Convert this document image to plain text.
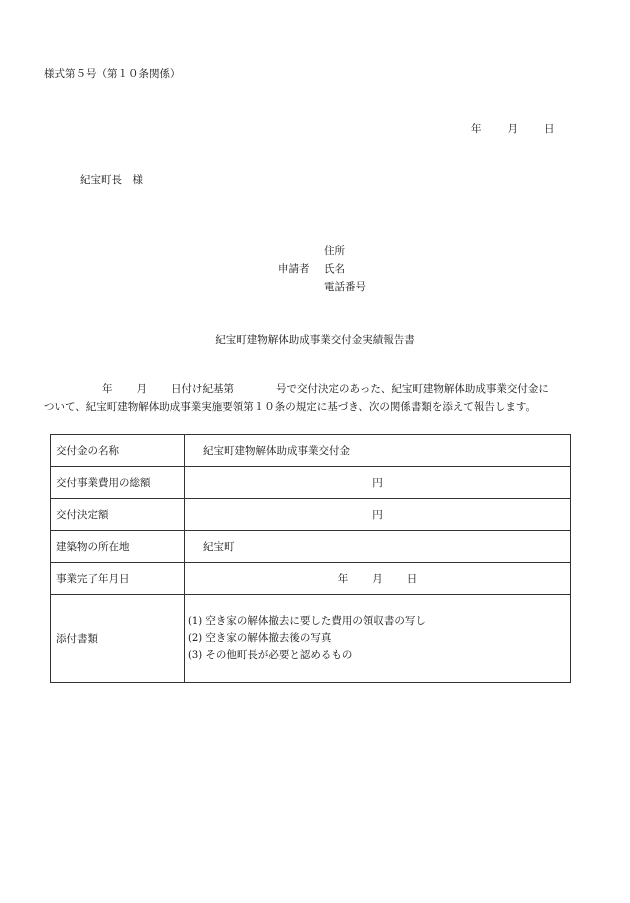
様式第５号（第１０条関係）
年 月 日
紀宝町長　様
住所
申請者 氏名
電話番号
紀宝町建物解体助成事業交付金実績報告書
年 月 日付け紀基第	号で交付決定のあった、紀宝町建物解体助成事業交付金に
ついて、紀宝町建物解体助成事業実施要領第１０条の規定に基づき、次の関係書類を添えて報告します。
交付金の名称	紀宝町建物解体助成事業交付金
交付事業費用の総額	円
交付決定額	円
建築物の所在地	紀宝町
事業完了年月日	年 月 日
添付書類	(1) 空き家の解体撤去に要した費用の領収書の写し
(2) 空き家の解体撤去後の写真
(3) その他町長が必要と認めるもの
